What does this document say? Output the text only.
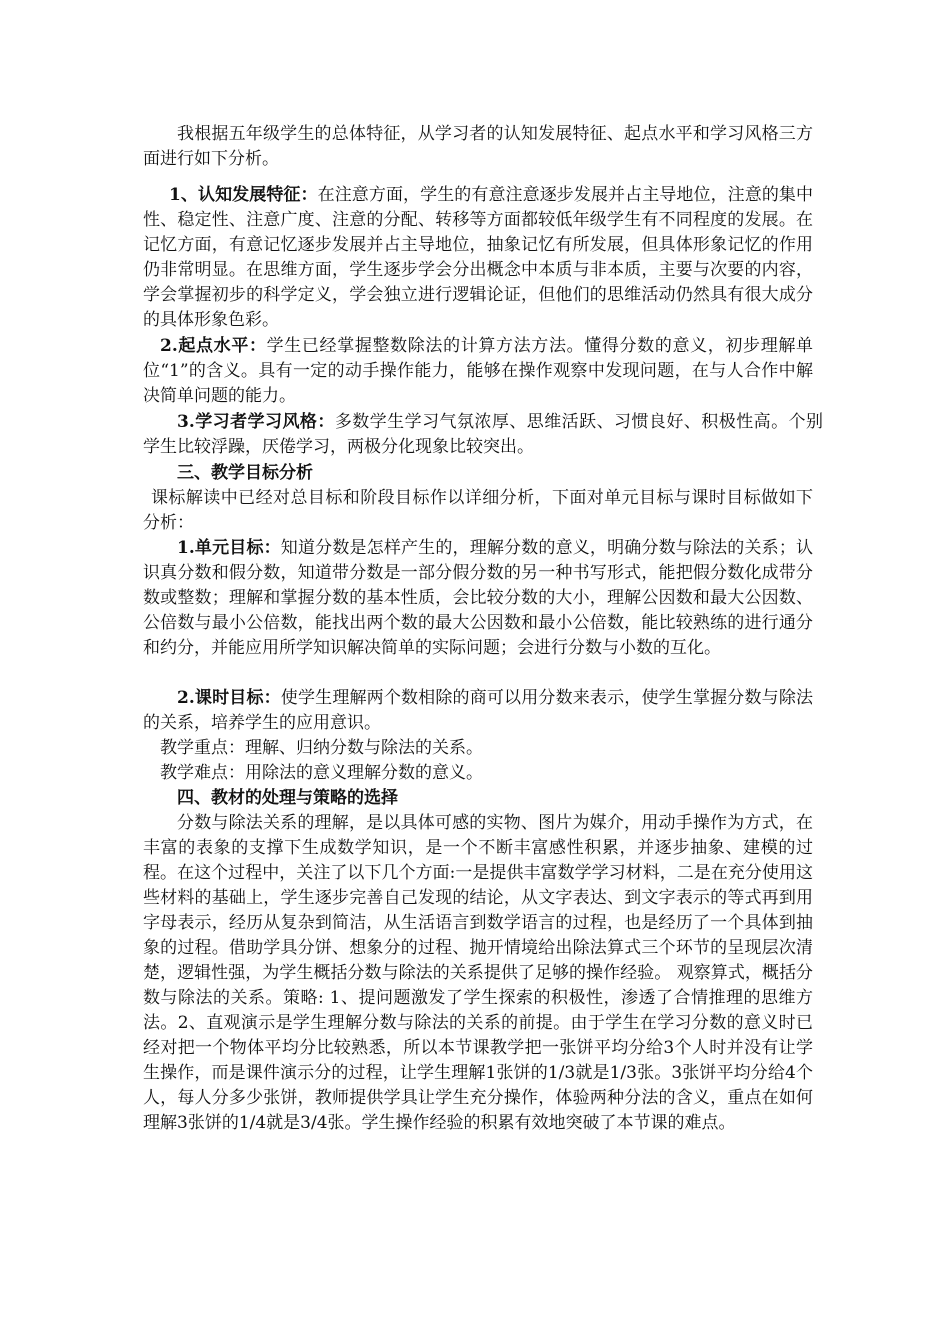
我根据五年级学生的总体特征，从学习者的认知发展特征、起点水平和学习风格三方面进行如下分析。

1、认知发展特征：在注意方面，学生的有意注意逐步发展并占主导地位，注意的集中性、稳定性、注意广度、注意的分配、转移等方面都较低年级学生有不同程度的发展。在记忆方面，有意记忆逐步发展并占主导地位，抽象记忆有所发展，但具体形象记忆的作用仍非常明显。在思维方面，学生逐步学会分出概念中本质与非本质，主要与次要的内容，学会掌握初步的科学定义，学会独立进行逻辑论证，但他们的思维活动仍然具有很大成分的具体形象色彩。

2.起点水平：学生已经掌握整数除法的计算方法方法。懂得分数的意义，初步理解单位“1”的含义。具有一定的动手操作能力，能够在操作观察中发现问题，在与人合作中解决简单问题的能力。

3.学习者学习风格：多数学生学习气氛浓厚、思维活跃、习惯良好、积极性高。个别学生比较浮躁，厌倦学习，两极分化现象比较突出。

三、教学目标分析

课标解读中已经对总目标和阶段目标作以详细分析，下面对单元目标与课时目标做如下分析：

1.单元目标：知道分数是怎样产生的，理解分数的意义，明确分数与除法的关系；认识真分数和假分数，知道带分数是一部分假分数的另一种书写形式，能把假分数化成带分数或整数；理解和掌握分数的基本性质，会比较分数的大小，理解公因数和最大公因数、公倍数与最小公倍数，能找出两个数的最大公因数和最小公倍数，能比较熟练的进行通分和约分，并能应用所学知识解决简单的实际问题；会进行分数与小数的互化。

2.课时目标：使学生理解两个数相除的商可以用分数来表示，使学生掌握分数与除法的关系，培养学生的应用意识。

教学重点：理解、归纳分数与除法的关系。

教学难点：用除法的意义理解分数的意义。

四、教材的处理与策略的选择

分数与除法关系的理解，是以具体可感的实物、图片为媒介，用动手操作为方式，在丰富的表象的支撑下生成数学知识，是一个不断丰富感性积累，并逐步抽象、建模的过程。在这个过程中，关注了以下几个方面:一是提供丰富数学学习材料，二是在充分使用这些材料的基础上，学生逐步完善自己发现的结论，从文字表达、到文字表示的等式再到用字母表示，经历从复杂到简洁，从生活语言到数学语言的过程，也是经历了一个具体到抽象的过程。借助学具分饼、想象分的过程、抛开情境给出除法算式三个环节的呈现层次清楚，逻辑性强，为学生概括分数与除法的关系提供了足够的操作经验。 观察算式，概括分数与除法的关系。策略: 1、提问题激发了学生探索的积极性，渗透了合情推理的思维方法。2、直观演示是学生理解分数与除法的关系的前提。由于学生在学习分数的意义时已经对把一个物体平均分比较熟悉，所以本节课教学把一张饼平均分给3个人时并没有让学生操作，而是课件演示分的过程，让学生理解1张饼的1/3就是1/3张。3张饼平均分给4个人，每人分多少张饼，教师提供学具让学生充分操作，体验两种分法的含义，重点在如何理解3张饼的1/4就是3/4张。学生操作经验的积累有效地突破了本节课的难点。
